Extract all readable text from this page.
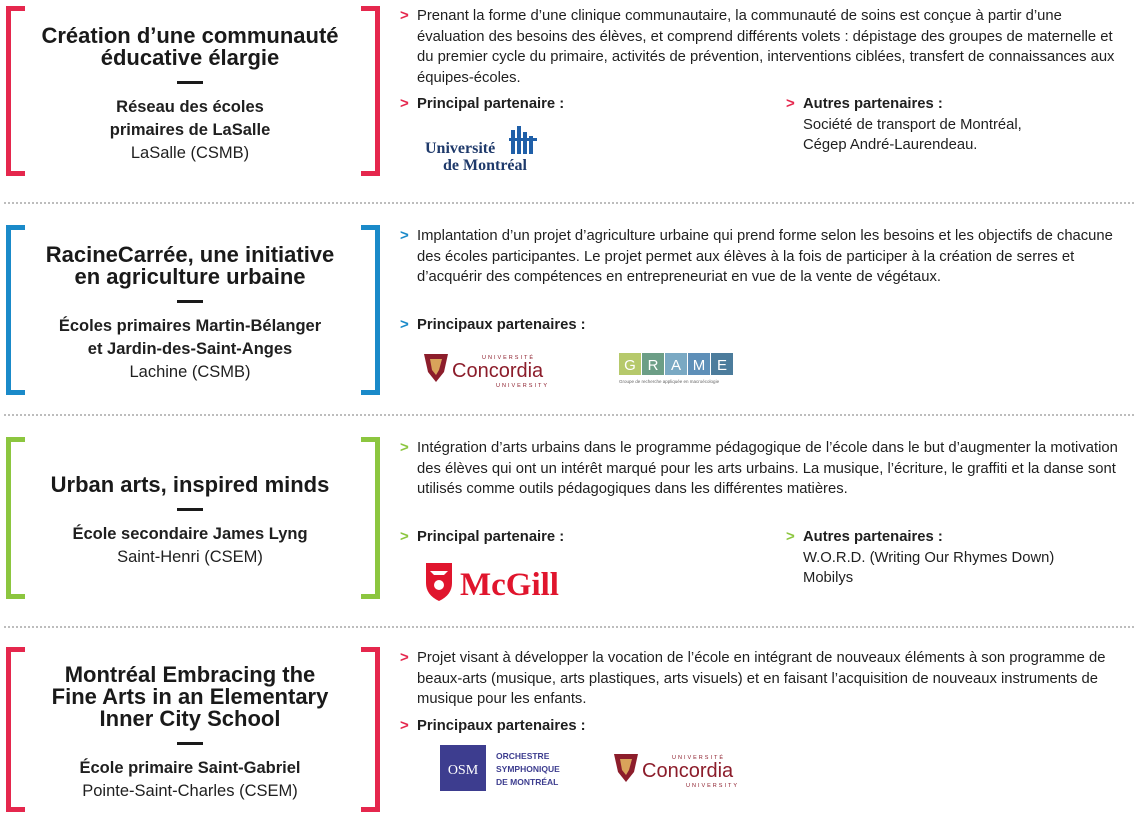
Création d’une communauté
éducative élargie
Réseau des écoles
primaires de LaSalle
LaSalle (CSMB)
> Prenant la forme d’une clinique communautaire, la communauté de soins est conçue à partir d’une évaluation des besoins des élèves, et comprend différents volets : dépistage des groupes de maternelle et du premier cycle du primaire, activités de prévention, interventions ciblées, transfert de connaissances aux équipes-écoles.
> Principal partenaire :	> Autres partenaires :
Société de transport de Montréal,
Cégep André-Laurendeau.
Université
de Montréal
RacineCarrée, une initiative
en agriculture urbaine
Écoles primaires Martin-Bélanger
et Jardin-des-Saint-Anges
Lachine (CSMB)
> Implantation d’un projet d’agriculture urbaine qui prend forme selon les besoins et les objectifs de chacune des écoles participantes. Le projet permet aux élèves à la fois de participer à la création de serres et d’acquérir des compétences en entrepreneuriat en vue de la vente de végétaux.
> Principaux partenaires :
UNIVERSITÉ
Concordia
UNIVERSITY
G R A M E
Groupe de recherche appliquée en macroécologie
Urban arts, inspired minds
École secondaire James Lyng
Saint-Henri (CSEM)
> Intégration d’arts urbains dans le programme pédagogique de l’école dans le but d’augmenter la motivation des élèves qui ont un intérêt marqué pour les arts urbains. La musique, l’écriture, le graffiti et la danse sont utilisés comme outils pédagogiques dans les différentes matières.
> Principal partenaire :	> Autres partenaires :
W.O.R.D. (Writing Our Rhymes Down)
Mobilys
McGill
Montréal Embracing the
Fine Arts in an Elementary
Inner City School
École primaire Saint-Gabriel
Pointe-Saint-Charles (CSEM)
> Projet visant à développer la vocation de l’école en intégrant de nouveaux éléments à son programme de beaux-arts (musique, arts plastiques, arts visuels) et en faisant l’acquisition de nouveaux instruments de musique pour les enfants.
> Principaux partenaires :
OSM
ORCHESTRE
SYMPHONIQUE
DE MONTRÉAL
UNIVERSITÉ
Concordia
UNIVERSITY
